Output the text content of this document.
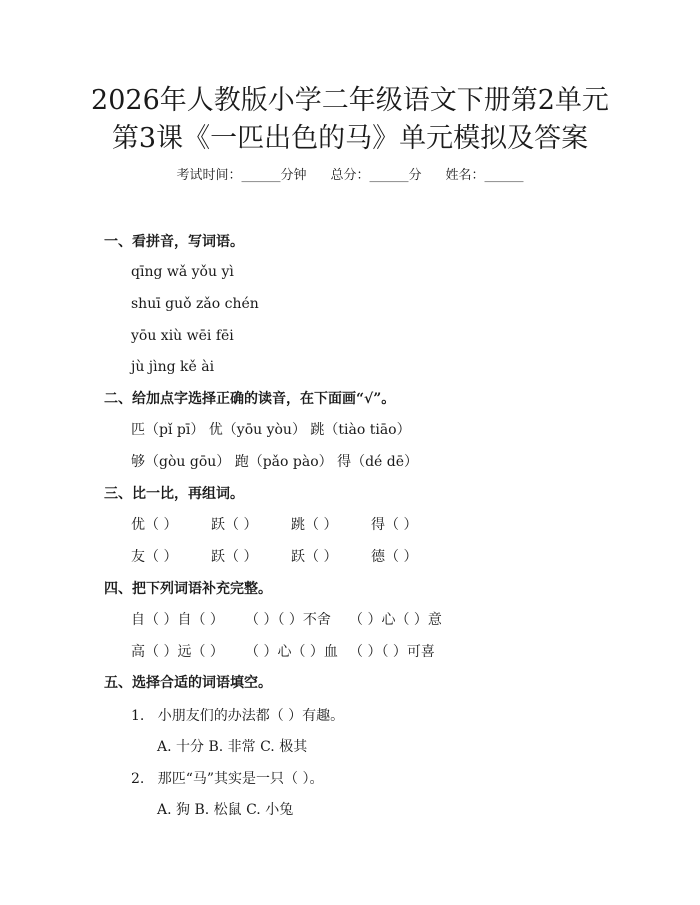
2026年人教版小学二年级语文下册第2单元
第3课《一匹出色的马》单元模拟及答案
考试时间：______分钟 总分：______分 姓名：______
一、看拼音，写词语。
qīng wǎ yǒu yì
shuī guǒ zǎo chén
yōu xiù wēi fēi
jù jìng kě ài
二、给加点字选择正确的读音，在下面画“√”。
匹（pǐ pī） 优（yōu yòu） 跳（tiào tiāo）
够（gòu gōu） 跑（pǎo pào） 得（dé dē）
三、比一比，再组词。
优（ ） 跃（ ） 跳（ ） 得（ ）
友（ ） 跃（ ） 跃（ ） 德（ ）
四、把下列词语补充完整。
自（ ）自（ ） （ ）（ ）不舍 （ ）心（ ）意
高（ ）远（ ） （ ）心（ ）血 （ ）（ ）可喜
五、选择合适的词语填空。
1.   小朋友们的办法都（ ）有趣。
A. 十分 B. 非常 C. 极其
2.   那匹“马”其实是一只（ ）。
A. 狗 B. 松鼠 C. 小兔
